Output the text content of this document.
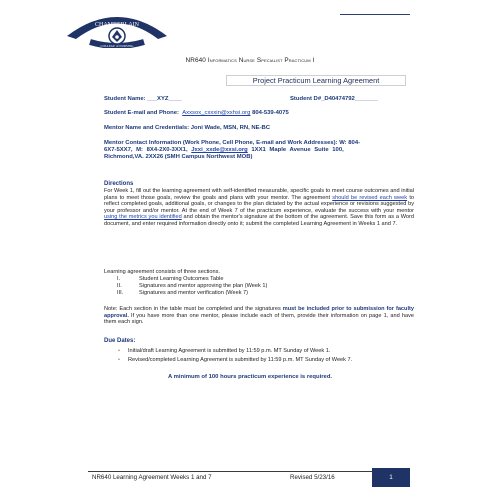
CHAMBERLAIN
COLLEGE of NURSING
NR640 Informatics Nurse Specialist Practicum I
Project Practicum Learning Agreement
Student Name: ___XYZ____	Student D#_D40474792_______
Student E-mail and Phone: Axxsox_cxxxin@xxhsi.org 804-539-4075
Mentor Name and Credentials: Joni Wade, MSN, RN, NE-BC
Mentor Contact Information (Work Phone, Cell Phone, E-mail and Work Addresses): W: 804-
6X7-5XX7, M: 8X4-2X0-3XX1, Jxxi_xxde@xxsi.org 1XX1 Maple Avenue Suite 100,
Richmond,VA. 2XX26 (SMH Campus Northwest MOB)
Directions
For Week 1, fill out the learning agreement with self-identified measurable, specific goals to meet course outcomes and initial plans to meet those goals, review the goals and plans with your mentor. The agreement should be revised each week to reflect completed goals, additional goals, or changes to the plan dictated by the actual experience or revisions suggested by your professor and/or mentor. At the end of Week 7 of the practicum experience, evaluate the success with your mentor using the metrics you identified and obtain the mentor's signature at the bottom of the agreement. Save this form as a Word document, and enter required information directly onto it; submit the completed Learning Agreement in Weeks 1 and 7.
Learning agreement consists of three sections.
I.	Student Learning Outcomes Table
II.	Signatures and mentor approving the plan (Week 1)
III.	Signatures and mentor verification (Week 7)
Note: Each section in the table must be completed and the signatures must be included prior to submission for faculty approval. If you have more than one mentor, please include each of them, provide their information on page 1, and have them each sign.
Due Dates:
• Initial/draft Learning Agreement is submitted by 11:59 p.m. MT Sunday of Week 1.
• Revised/completed Learning Agreement is submitted by 11:59 p.m. MT Sunday of Week 7.
A minimum of 100 hours practicum experience is required.
NR640 Learning Agreement Weeks 1 and 7	Revised 5/23/16	1
